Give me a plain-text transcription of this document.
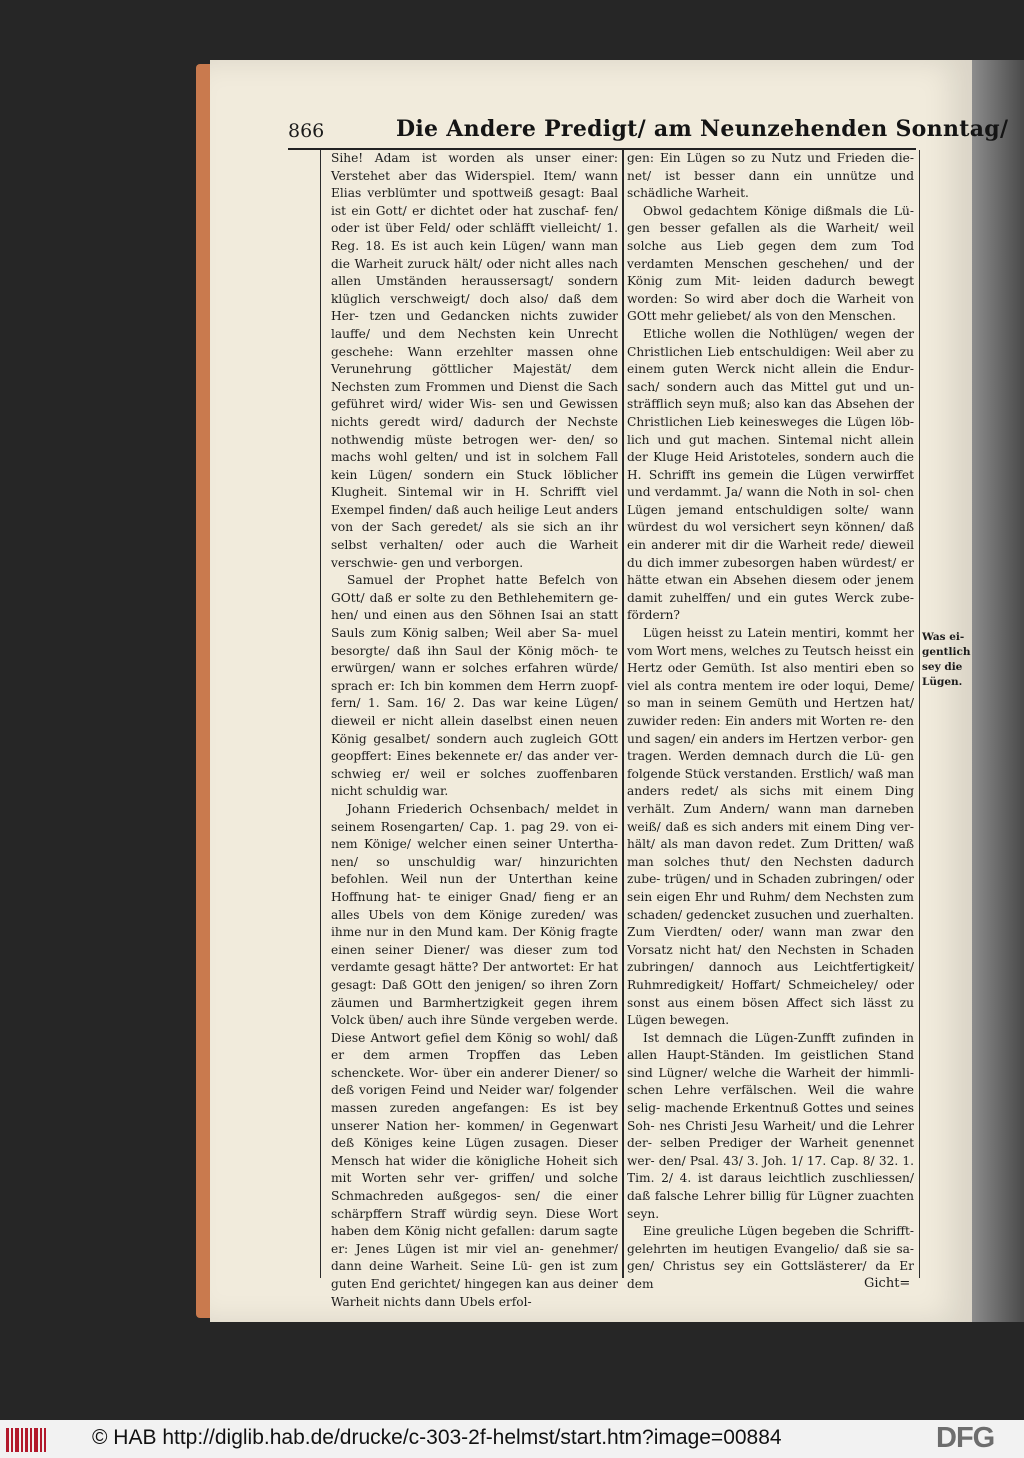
866	Die Andere Predigt/ am Neunzehenden Sonntag/

Sihe! Adam ist worden als unser einer: Verstehet aber das Widerspiel. Item/ wann Elias verblümter und spottweiß gesagt: Baal ist ein Gott/ er dichtet oder hat zuschaf- fen/ oder ist über Feld/ oder schläfft vielleicht/ 1. Reg. 18. Es ist auch kein Lügen/ wann man die Warheit zuruck hält/ oder nicht alles nach allen Umständen heraussersagt/ sondern klüglich verschweigt/ doch also/ daß dem Her- tzen und Gedancken nichts zuwider lauffe/ und dem Nechsten kein Unrecht geschehe: Wann erzehlter massen ohne Verunehrung göttlicher Majestät/ dem Nechsten zum Frommen und Dienst die Sach geführet wird/ wider Wis- sen und Gewissen nichts geredt wird/ dadurch der Nechste nothwendig müste betrogen wer- den/ so machs wohl gelten/ und ist in solchem Fall kein Lügen/ sondern ein Stuck löblicher Klugheit. Sintemal wir in H. Schrifft viel Exempel finden/ daß auch heilige Leut anders von der Sach geredet/ als sie sich an ihr selbst verhalten/ oder auch die Warheit verschwie- gen und verborgen.

Samuel der Prophet hatte Befelch von GOtt/ daß er solte zu den Bethlehemitern ge- hen/ und einen aus den Söhnen Isai an statt Sauls zum König salben; Weil aber Sa- muel besorgte/ daß ihn Saul der König möch- te erwürgen/ wann er solches erfahren würde/ sprach er: Ich bin kommen dem Herrn zuopf- fern/ 1. Sam. 16/ 2. Das war keine Lügen/ dieweil er nicht allein daselbst einen neuen König gesalbet/ sondern auch zugleich GOtt geopffert: Eines bekennete er/ das ander ver- schwieg er/ weil er solches zuoffenbaren nicht schuldig war.

Johann Friederich Ochsenbach/ meldet in seinem Rosengarten/ Cap. 1. pag 29. von ei- nem Könige/ welcher einen seiner Untertha- nen/ so unschuldig war/ hinzurichten befohlen. Weil nun der Unterthan keine Hoffnung hat- te einiger Gnad/ fieng er an alles Ubels von dem Könige zureden/ was ihme nur in den Mund kam. Der König fragte einen seiner Diener/ was dieser zum tod verdamte gesagt hätte? Der antwortet: Er hat gesagt: Daß GOtt den jenigen/ so ihren Zorn zäumen und Barmhertzigkeit gegen ihrem Volck üben/ auch ihre Sünde vergeben werde. Diese Antwort gefiel dem König so wohl/ daß er dem armen Tropffen das Leben schenckete. Wor- über ein anderer Diener/ so deß vorigen Feind und Neider war/ folgender massen zureden angefangen: Es ist bey unserer Nation her- kommen/ in Gegenwart deß Königes keine Lügen zusagen. Dieser Mensch hat wider die königliche Hoheit sich mit Worten sehr ver- griffen/ und solche Schmachreden außgegos- sen/ die einer schärpffern Straff würdig seyn. Diese Wort haben dem König nicht gefallen: darum sagte er: Jenes Lügen ist mir viel an- genehmer/ dann deine Warheit. Seine Lü- gen ist zum guten End gerichtet/ hingegen kan aus deiner Warheit nichts dann Ubels erfol-

gen: Ein Lügen so zu Nutz und Frieden die- net/ ist besser dann ein unnütze und schädliche Warheit.

Obwol gedachtem Könige dißmals die Lü- gen besser gefallen als die Warheit/ weil solche aus Lieb gegen dem zum Tod verdamten Menschen geschehen/ und der König zum Mit- leiden dadurch bewegt worden: So wird aber doch die Warheit von GOtt mehr geliebet/ als von den Menschen.

Etliche wollen die Nothlügen/ wegen der Christlichen Lieb entschuldigen: Weil aber zu einem guten Werck nicht allein die Endur- sach/ sondern auch das Mittel gut und un- sträfflich seyn muß; also kan das Absehen der Christlichen Lieb keinesweges die Lügen löb- lich und gut machen. Sintemal nicht allein der Kluge Heid Aristoteles, sondern auch die H. Schrifft ins gemein die Lügen verwirffet und verdammt. Ja/ wann die Noth in sol- chen Lügen jemand entschuldigen solte/ wann würdest du wol versichert seyn können/ daß ein anderer mit dir die Warheit rede/ dieweil du dich immer zubesorgen haben würdest/ er hätte etwan ein Absehen diesem oder jenem damit zuhelffen/ und ein gutes Werck zube- fördern?

Lügen heisst zu Latein mentiri, kommt her vom Wort mens, welches zu Teutsch heisst ein Hertz oder Gemüth. Ist also mentiri eben so viel als contra mentem ire oder loqui, Deme/ so man in seinem Gemüth und Hertzen hat/ zuwider reden: Ein anders mit Worten re- den und sagen/ ein anders im Hertzen verbor- gen tragen. Werden demnach durch die Lü- gen folgende Stück verstanden. Erstlich/ waß man anders redet/ als sichs mit einem Ding verhält. Zum Andern/ wann man darneben weiß/ daß es sich anders mit einem Ding ver- hält/ als man davon redet. Zum Dritten/ waß man solches thut/ den Nechsten dadurch zube- trügen/ und in Schaden zubringen/ oder sein eigen Ehr und Ruhm/ dem Nechsten zum schaden/ gedencket zusuchen und zuerhalten. Zum Vierdten/ oder/ wann man zwar den Vorsatz nicht hat/ den Nechsten in Schaden zubringen/ dannoch aus Leichtfertigkeit/ Ruhmredigkeit/ Hoffart/ Schmeicheley/ oder sonst aus einem bösen Affect sich lässt zu Lügen bewegen.

Ist demnach die Lügen-Zunfft zufinden in allen Haupt-Ständen. Im geistlichen Stand sind Lügner/ welche die Warheit der himmli- schen Lehre verfälschen. Weil die wahre selig- machende Erkentnuß Gottes und seines Soh- nes Christi Jesu Warheit/ und die Lehrer der- selben Prediger der Warheit genennet wer- den/ Psal. 43/ 3. Joh. 1/ 17. Cap. 8/ 32. 1. Tim. 2/ 4. ist daraus leichtlich zuschliessen/ daß falsche Lehrer billig für Lügner zuachten seyn.

Eine greuliche Lügen begeben die Schrifft- gelehrten im heutigen Evangelio/ daß sie sa- gen/ Christus sey ein Gottslästerer/ da Er dem

Was ei- gentlich sey die Lügen.
Gicht=
© HAB http://diglib.hab.de/drucke/c-303-2f-helmst/start.htm?image=00884	DFG
